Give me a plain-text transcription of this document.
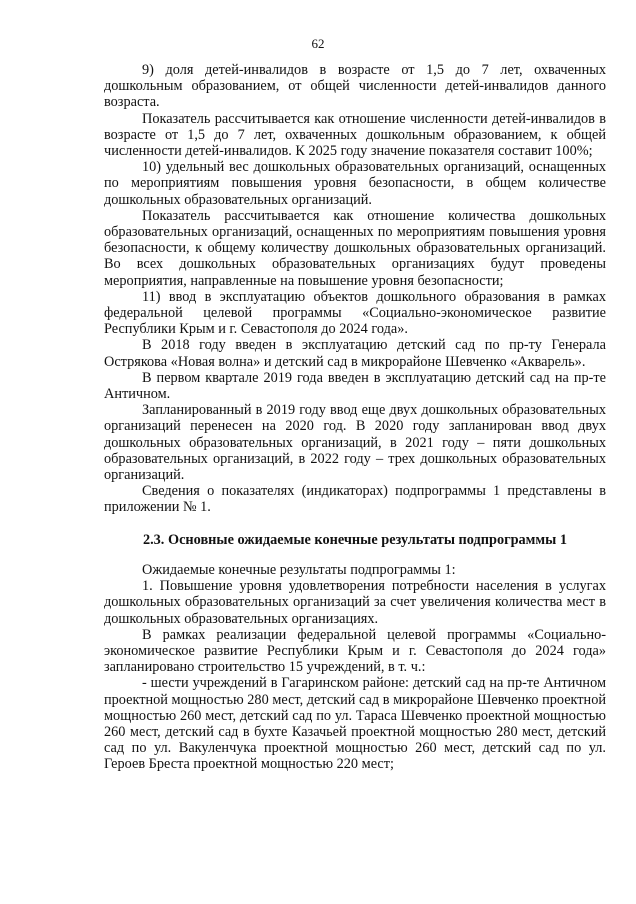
62

9) доля детей-инвалидов в возрасте от 1,5 до 7 лет, охваченных дошкольным образованием, от общей численности детей-инвалидов данного возраста.

Показатель рассчитывается как отношение численности детей-инвалидов в возрасте от 1,5 до 7 лет, охваченных дошкольным образованием, к общей численности детей-инвалидов. К 2025 году значение показателя составит 100%;

10) удельный вес дошкольных образовательных организаций, оснащенных по мероприятиям повышения уровня безопасности, в общем количестве дошкольных образовательных организаций.

Показатель рассчитывается как отношение количества дошкольных образовательных организаций, оснащенных по мероприятиям повышения уровня безопасности, к общему количеству дошкольных образовательных организаций. Во всех дошкольных образовательных организациях будут проведены мероприятия, направленные на повышение уровня безопасности;

11) ввод в эксплуатацию объектов дошкольного образования в рамках федеральной целевой программы «Социально-экономическое развитие Республики Крым и г. Севастополя до 2024 года».

В 2018 году введен в эксплуатацию детский сад по пр-ту Генерала Острякова «Новая волна» и детский сад в микрорайоне Шевченко «Акварель».

В первом квартале 2019 года введен в эксплуатацию детский сад на пр-те Античном.

Запланированный в 2019 году ввод еще двух дошкольных образовательных организаций перенесен на 2020 год. В 2020 году запланирован ввод двух дошкольных образовательных организаций, в 2021 году – пяти дошкольных образовательных организаций, в 2022 году – трех дошкольных образовательных организаций.

Сведения о показателях (индикаторах) подпрограммы 1 представлены в приложении № 1.

2.3. Основные ожидаемые конечные результаты подпрограммы 1

Ожидаемые конечные результаты подпрограммы 1:

1. Повышение уровня удовлетворения потребности населения в услугах дошкольных образовательных организаций за счет увеличения количества мест в дошкольных образовательных организациях.

В рамках реализации федеральной целевой программы «Социально-экономическое развитие Республики Крым и г. Севастополя до 2024 года» запланировано строительство 15 учреждений, в т. ч.:

- шести учреждений в Гагаринском районе: детский сад на пр-те Античном проектной мощностью 280 мест, детский сад в микрорайоне Шевченко проектной мощностью 260 мест, детский сад по ул. Тараса Шевченко проектной мощностью 260 мест, детский сад в бухте Казачьей проектной мощностью 280 мест, детский сад по ул. Вакуленчука проектной мощностью 260 мест, детский сад по ул. Героев Бреста проектной мощностью 220 мест;
